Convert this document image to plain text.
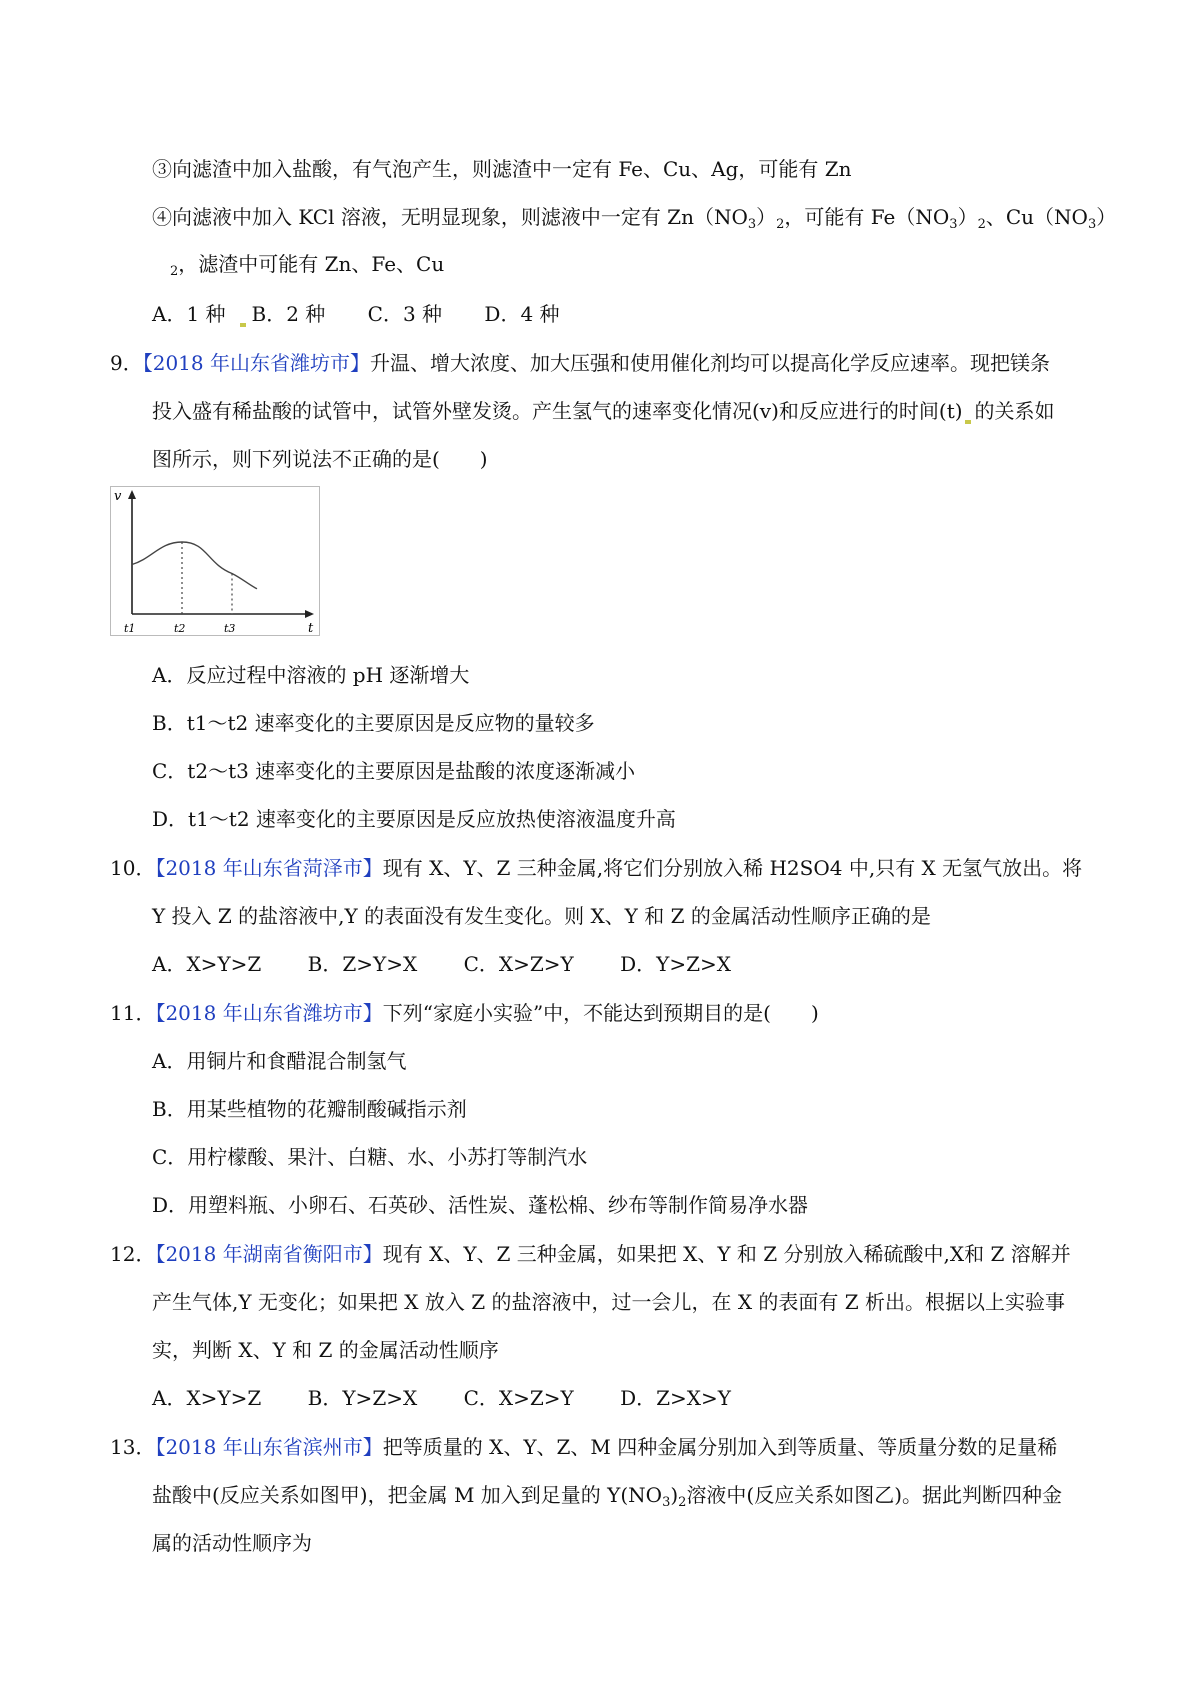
③向滤渣中加入盐酸，有气泡产生，则滤渣中一定有 Fe、Cu、Ag，可能有 Zn
④向滤液中加入 KCl 溶液，无明显现象，则滤液中一定有 $Zn(NO_3)_2$，可能有 $Fe(NO_3)_2$、$Cu(NO_3)$
$_2$，滤渣中可能有 Zn、Fe、Cu
A．1 种 B．2 种 C．3 种 D．4 种
9．【2018 年山东省潍坊市】升温、增大浓度、加大压强和使用催化剂均可以提高化学反应速率。现把镁条
投入盛有稀盐酸的试管中，试管外壁发烫。产生氢气的速率变化情况(v)和反应进行的时间(t) 的关系如
图所示，则下列说法不正确的是(　　)
v
t
t1	t2	t3
A．反应过程中溶液的 pH 逐渐增大
B．t1～t2 速率变化的主要原因是反应物的量较多
C．t2～t3 速率变化的主要原因是盐酸的浓度逐渐减小
D．t1～t2 速率变化的主要原因是反应放热使溶液温度升高
10．【2018 年山东省菏泽市】现有 X、Y、Z 三种金属,将它们分别放入稀 H2SO4 中,只有 X 无氢气放出。将
Y 投入 Z 的盐溶液中,Y 的表面没有发生变化。则 X、Y 和 Z 的金属活动性顺序正确的是
A．X>Y>Z B．Z>Y>X C．X>Z>Y D．Y>Z>X
11．【2018 年山东省潍坊市】下列“家庭小实验”中，不能达到预期目的是(　　)
A．用铜片和食醋混合制氢气
B．用某些植物的花瓣制酸碱指示剂
C．用柠檬酸、果汁、白糖、水、小苏打等制汽水
D．用塑料瓶、小卵石、石英砂、活性炭、蓬松棉、纱布等制作简易净水器
12．【2018 年湖南省衡阳市】现有 X、Y、Z 三种金属，如果把 X、Y 和 Z 分别放入稀硫酸中,X和 Z 溶解并
产生气体,Y 无变化；如果把 X 放入 Z 的盐溶液中，过一会儿，在 X 的表面有 Z 析出。根据以上实验事
实，判断 X、Y 和 Z 的金属活动性顺序
A．X>Y>Z B．Y>Z>X C．X>Z>Y D．Z>X>Y
13．【2018 年山东省滨州市】把等质量的 X、Y、Z、M 四种金属分别加入到等质量、等质量分数的足量稀
盐酸中(反应关系如图甲)，把金属 M 加入到足量的 $Y(NO_3)_2$溶液中(反应关系如图乙)。据此判断四种金
属的活动性顺序为
